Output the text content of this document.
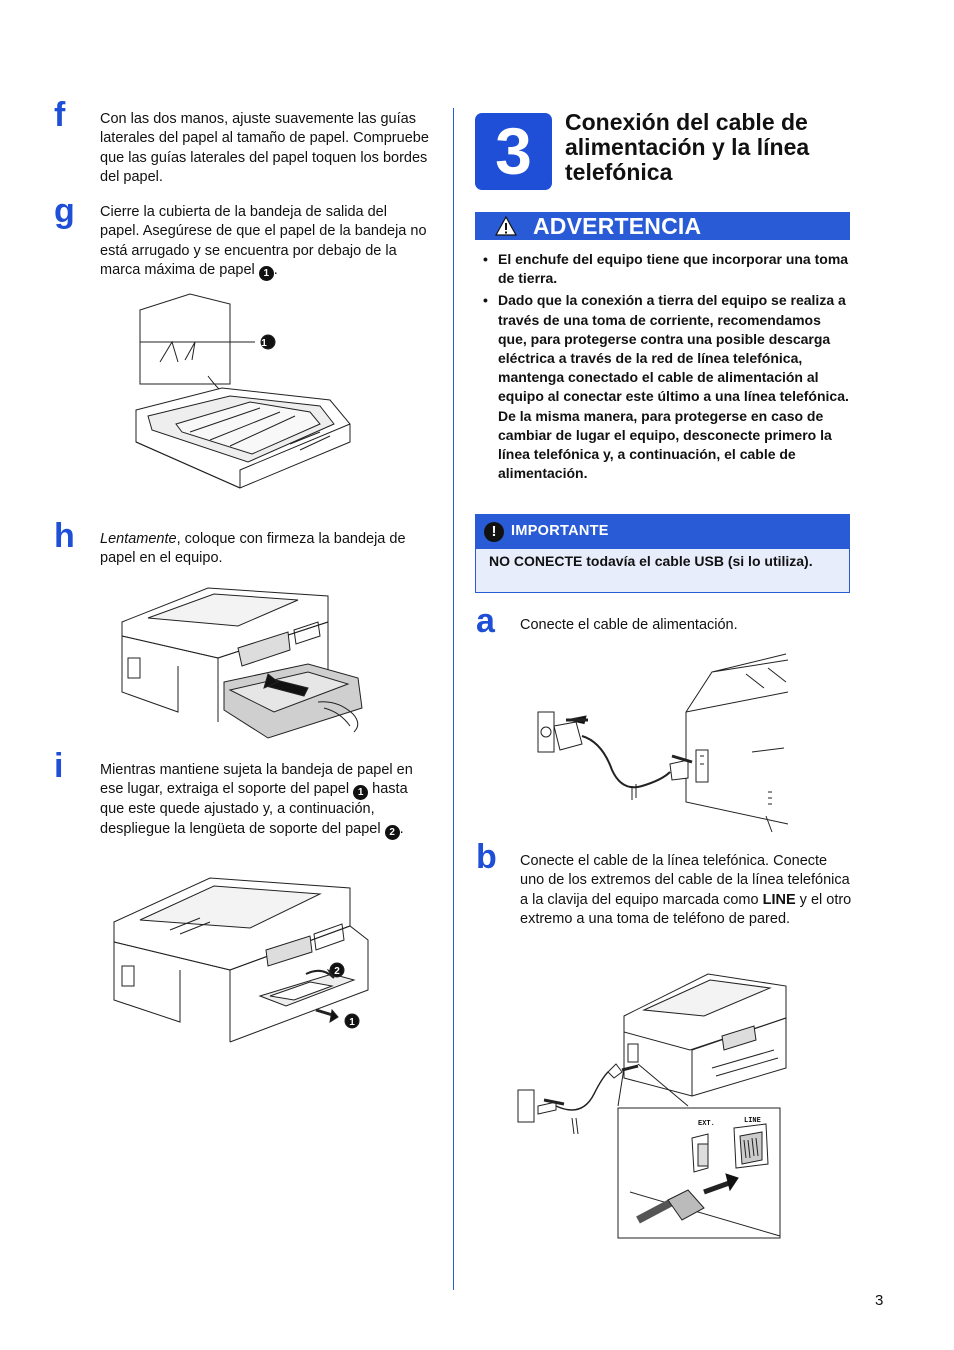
f Con las dos manos, ajuste suavemente las guías laterales del papel al tamaño de papel. Compruebe que las guías laterales del papel toquen los bordes del papel.
g Cierre la cubierta de la bandeja de salida del papel. Asegúrese de que el papel de la bandeja no está arrugado y se encuentra por debajo de la marca máxima de papel 1 .
1
h Lentamente, coloque con firmeza la bandeja de papel en el equipo.
i	Mientras mantiene sujeta la bandeja de papel en ese lugar, extraiga el soporte del papel 1 hasta que este quede ajustado y, a continuación, despliegue la lengüeta de soporte del papel 2 .
2
1
3	Conexión del cable de alimentación y la línea telefónica
ADVERTENCIA
• El enchufe del equipo tiene que incorporar una toma de tierra.
• Dado que la conexión a tierra del equipo se realiza a través de una toma de corriente, recomendamos que, para protegerse contra una posible descarga eléctrica a través de la red de línea telefónica, mantenga conectado el cable de alimentación al equipo al conectar este último a una línea telefónica. De la misma manera, para protegerse en caso de cambiar de lugar el equipo, desconecte primero la línea telefónica y, a continuación, el cable de alimentación.
!	IMPORTANTE
NO CONECTE todavía el cable USB (si lo utiliza).
a Conecte el cable de alimentación.
b Conecte el cable de la línea telefónica. Conecte uno de los extremos del cable de la línea telefónica a la clavija del equipo marcada como LINE y el otro extremo a una toma de teléfono de pared.
EXT.	LINE
3
